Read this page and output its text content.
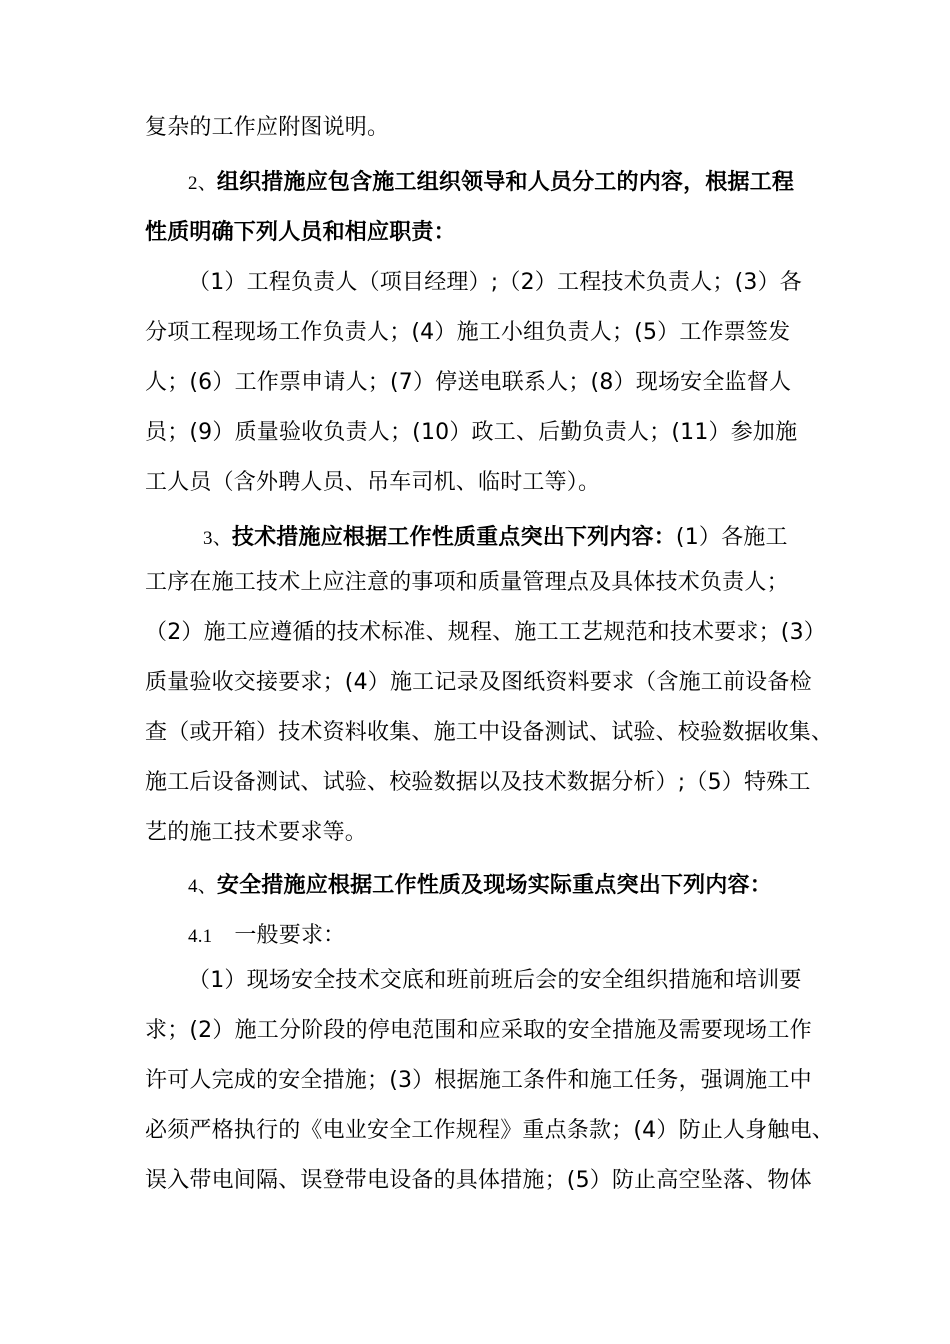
复杂的工作应附图说明。
2、组织措施应包含施工组织领导和人员分工的内容，根据工程
性质明确下列人员和相应职责：
（1）工程负责人（项目经理）;（2）工程技术负责人；(3）各
分项工程现场工作负责人；(4）施工小组负责人；(5）工作票签发
人；(6）工作票申请人；(7）停送电联系人；(8）现场安全监督人
员；(9）质量验收负责人；(10）政工、后勤负责人；(11）参加施
工人员（含外聘人员、吊车司机、临时工等）。
3、技术措施应根据工作性质重点突出下列内容：(1）各施工
工序在施工技术上应注意的事项和质量管理点及具体技术负责人；
（2）施工应遵循的技术标准、规程、施工工艺规范和技术要求；(3）
质量验收交接要求；(4）施工记录及图纸资料要求（含施工前设备检
查（或开箱）技术资料收集、施工中设备测试、试验、校验数据收集、
施工后设备测试、试验、校验数据以及技术数据分析）;（5）特殊工
艺的施工技术要求等。
4、安全措施应根据工作性质及现场实际重点突出下列内容：
4.1 一般要求：
（1）现场安全技术交底和班前班后会的安全组织措施和培训要
求；(2）施工分阶段的停电范围和应采取的安全措施及需要现场工作
许可人完成的安全措施；(3）根据施工条件和施工任务，强调施工中
必须严格执行的《电业安全工作规程》重点条款；(4）防止人身触电、
误入带电间隔、误登带电设备的具体措施；(5）防止高空坠落、物体
